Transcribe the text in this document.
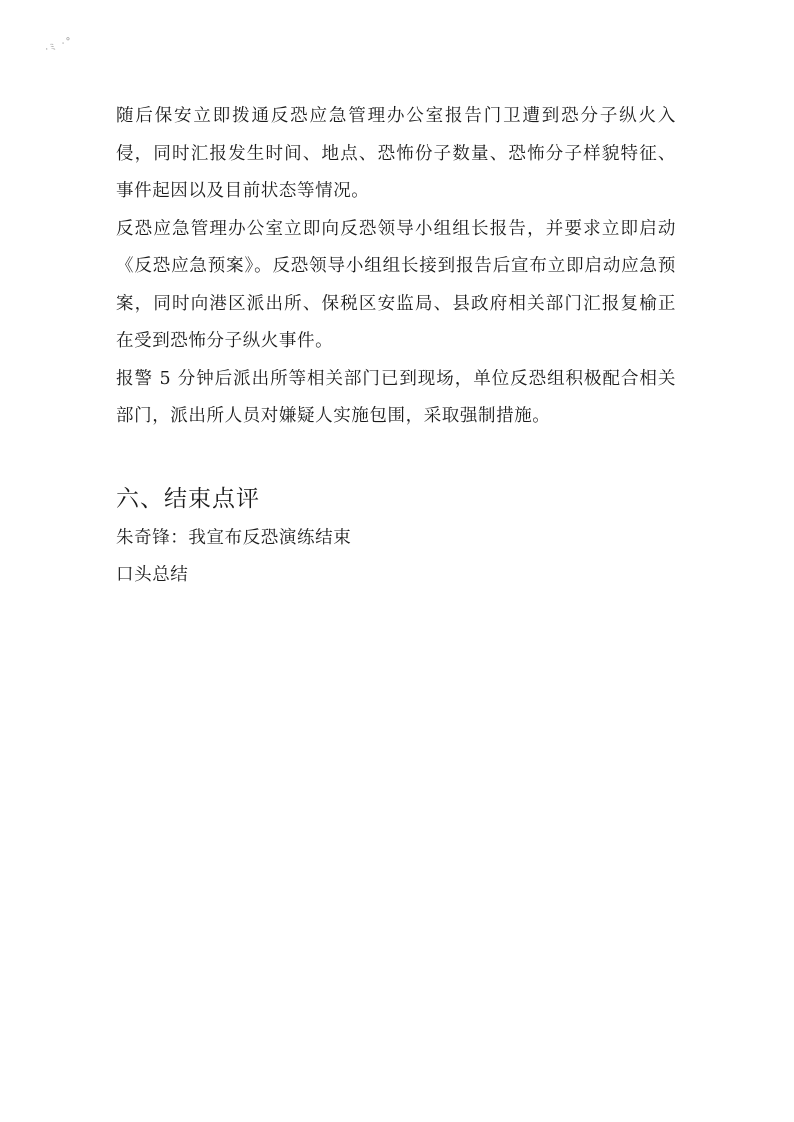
·ﾐ ·°

随后保安立即拨通反恐应急管理办公室报告门卫遭到恐分子纵火入侵，同时汇报发生时间、地点、恐怖份子数量、恐怖分子样貌特征、事件起因以及目前状态等情况。

反恐应急管理办公室立即向反恐领导小组组长报告，并要求立即启动《反恐应急预案》。反恐领导小组组长接到报告后宣布立即启动应急预案，同时向港区派出所、保税区安监局、县政府相关部门汇报复榆正在受到恐怖分子纵火事件。

报警 5 分钟后派出所等相关部门已到现场，单位反恐组积极配合相关部门，派出所人员对嫌疑人实施包围，采取强制措施。

六、结束点评

朱奇锋：我宣布反恐演练结束

口头总结
